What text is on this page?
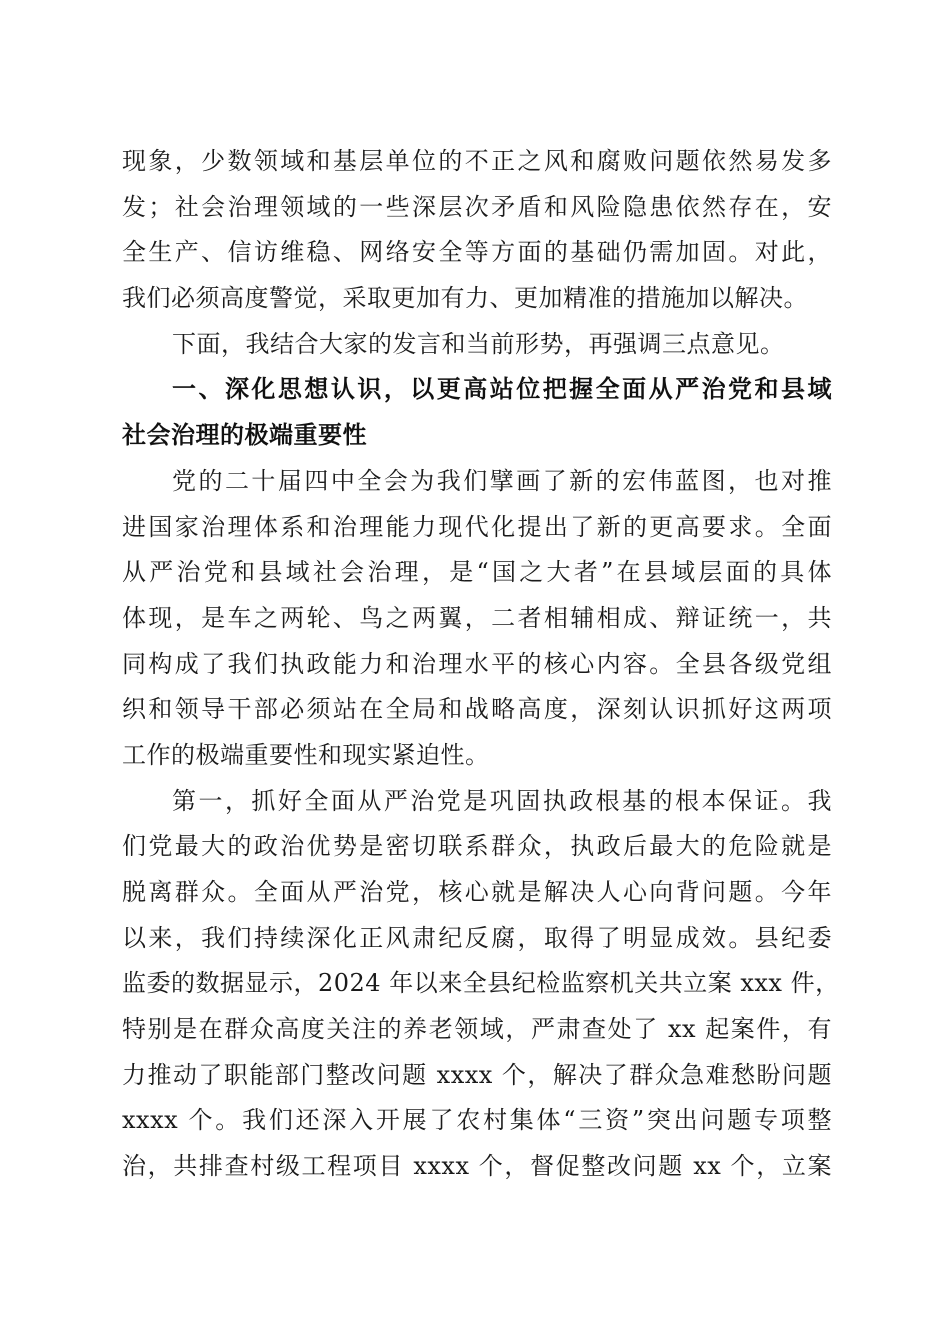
现象，少数领域和基层单位的不正之风和腐败问题依然易发多
发；社会治理领域的一些深层次矛盾和风险隐患依然存在，安
全生产、信访维稳、网络安全等方面的基础仍需加固。对此，
我们必须高度警觉，采取更加有力、更加精准的措施加以解决。
下面，我结合大家的发言和当前形势，再强调三点意见。
一、深化思想认识，以更高站位把握全面从严治党和县域
社会治理的极端重要性
党的二十届四中全会为我们擘画了新的宏伟蓝图，也对推
进国家治理体系和治理能力现代化提出了新的更高要求。全面
从严治党和县域社会治理，是“国之大者”在县域层面的具体
体现，是车之两轮、鸟之两翼，二者相辅相成、辩证统一，共
同构成了我们执政能力和治理水平的核心内容。全县各级党组
织和领导干部必须站在全局和战略高度，深刻认识抓好这两项
工作的极端重要性和现实紧迫性。
第一，抓好全面从严治党是巩固执政根基的根本保证。我
们党最大的政治优势是密切联系群众，执政后最大的危险就是
脱离群众。全面从严治党，核心就是解决人心向背问题。今年
以来，我们持续深化正风肃纪反腐，取得了明显成效。县纪委
监委的数据显示，2024 年以来全县纪检监察机关共立案 xxx 件，
特别是在群众高度关注的养老领域，严肃查处了 xx 起案件，有
力推动了职能部门整改问题 xxxx 个，解决了群众急难愁盼问题
xxxx 个。我们还深入开展了农村集体“三资”突出问题专项整
治，共排查村级工程项目 xxxx 个，督促整改问题 xx 个，立案
